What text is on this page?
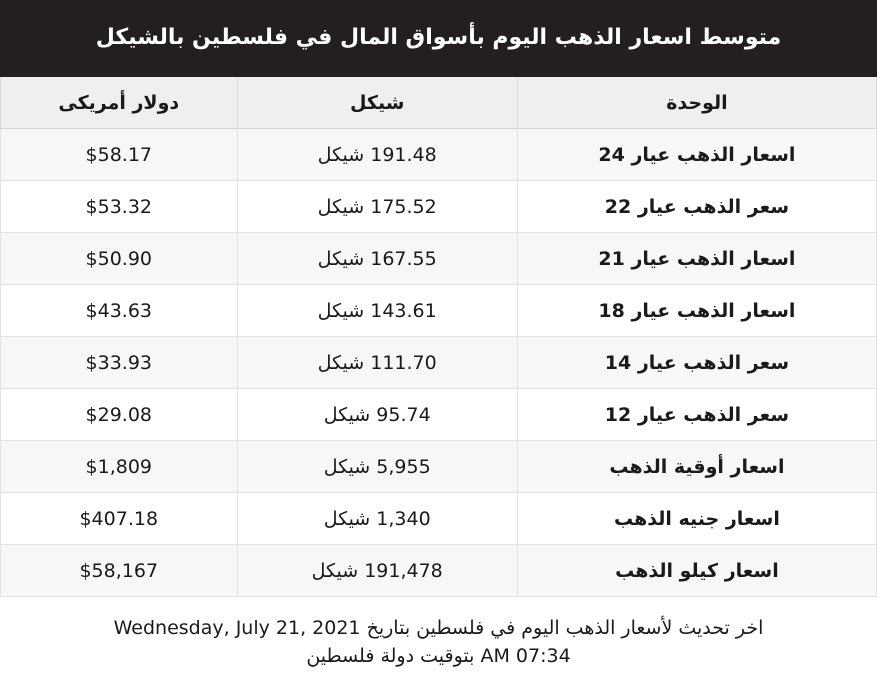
متوسط اسعار الذهب اليوم بأسواق المال في فلسطين بالشيكل
الوحدة	شيكل	دولار أمريكى
اسعار الذهب عيار 24	191.48 شيكل	$58.17
سعر الذهب عيار 22	175.52 شيكل	$53.32
اسعار الذهب عيار 21	167.55 شيكل	$50.90
اسعار الذهب عيار 18	143.61 شيكل	$43.63
سعر الذهب عيار 14	111.70 شيكل	$33.93
سعر الذهب عيار 12	95.74 شيكل	$29.08
اسعار أوقية الذهب	5,955 شيكل	$1,809
اسعار جنيه الذهب	1,340 شيكل	$407.18
اسعار كيلو الذهب	191,478 شيكل	$58,167
اخر تحديث لأسعار الذهب اليوم في فلسطين بتاريخ Wednesday, July 21, 2021
07:34 AM بتوقيت دولة فلسطين
